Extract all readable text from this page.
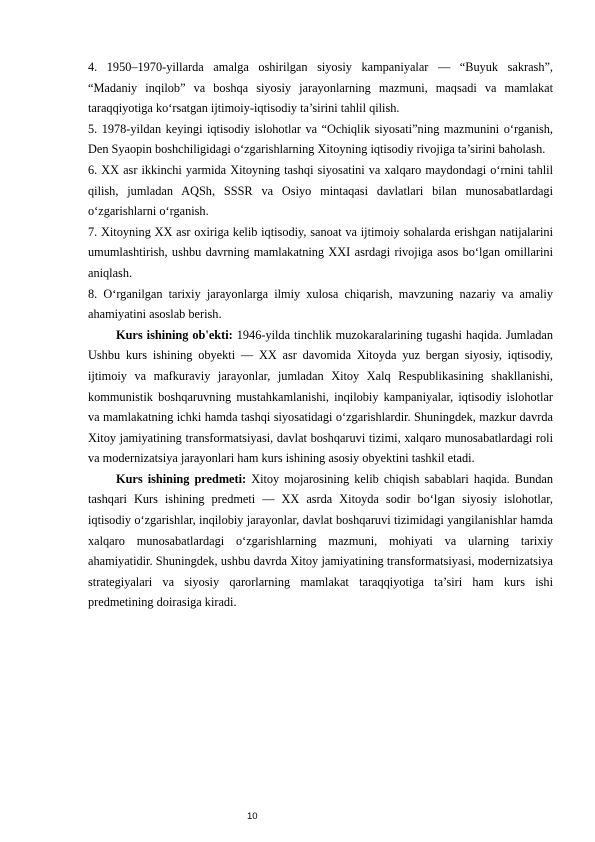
4. 1950–1970-yillarda amalga oshirilgan siyosiy kampaniyalar — “Buyuk sakrash”, “Madaniy inqilob” va boshqa siyosiy jarayonlarning mazmuni, maqsadi va mamlakat taraqqiyotiga ko‘rsatgan ijtimoiy-iqtisodiy ta’sirini tahlil qilish.

5. 1978-yildan keyingi iqtisodiy islohotlar va “Ochiqlik siyosati”ning mazmunini o‘rganish, Den Syaopin boshchiligidagi o‘zgarishlarning Xitoyning iqtisodiy rivojiga ta’sirini baholash.

6. XX asr ikkinchi yarmida Xitoyning tashqi siyosatini va xalqaro maydondagi o‘rnini tahlil qilish, jumladan AQSh, SSSR va Osiyo mintaqasi davlatlari bilan munosabatlardagi o‘zgarishlarni o‘rganish.

7. Xitoyning XX asr oxiriga kelib iqtisodiy, sanoat va ijtimoiy sohalarda erishgan natijalarini umumlashtirish, ushbu davrning mamlakatning XXI asrdagi rivojiga asos bo‘lgan omillarini aniqlash.

8. O‘rganilgan tarixiy jarayonlarga ilmiy xulosa chiqarish, mavzuning nazariy va amaliy ahamiyatini asoslab berish.

Kurs ishining ob'ekti: 1946-yilda tinchlik muzokaralarining tugashi haqida. Jumladan Ushbu kurs ishining obyekti — XX asr davomida Xitoyda yuz bergan siyosiy, iqtisodiy, ijtimoiy va mafkuraviy jarayonlar, jumladan Xitoy Xalq Respublikasining shakllanishi, kommunistik boshqaruvning mustahkamlanishi, inqilobiy kampaniyalar, iqtisodiy islohotlar va mamlakatning ichki hamda tashqi siyosatidagi o‘zgarishlardir. Shuningdek, mazkur davrda Xitoy jamiyatining transformatsiyasi, davlat boshqaruvi tizimi, xalqaro munosabatlardagi roli va modernizatsiya jarayonlari ham kurs ishining asosiy obyektini tashkil etadi.

Kurs ishining predmeti: Xitoy mojarosining kelib chiqish sabablari haqida. Bundan tashqari Kurs ishining predmeti — XX asrda Xitoyda sodir bo‘lgan siyosiy islohotlar, iqtisodiy o‘zgarishlar, inqilobiy jarayonlar, davlat boshqaruvi tizimidagi yangilanishlar hamda xalqaro munosabatlardagi o‘zgarishlarning mazmuni, mohiyati va ularning tarixiy ahamiyatidir. Shuningdek, ushbu davrda Xitoy jamiyatining transformatsiyasi, modernizatsiya strategiyalari va siyosiy qarorlarning mamlakat taraqqiyotiga ta’siri ham kurs ishi predmetining doirasiga kiradi.

10
